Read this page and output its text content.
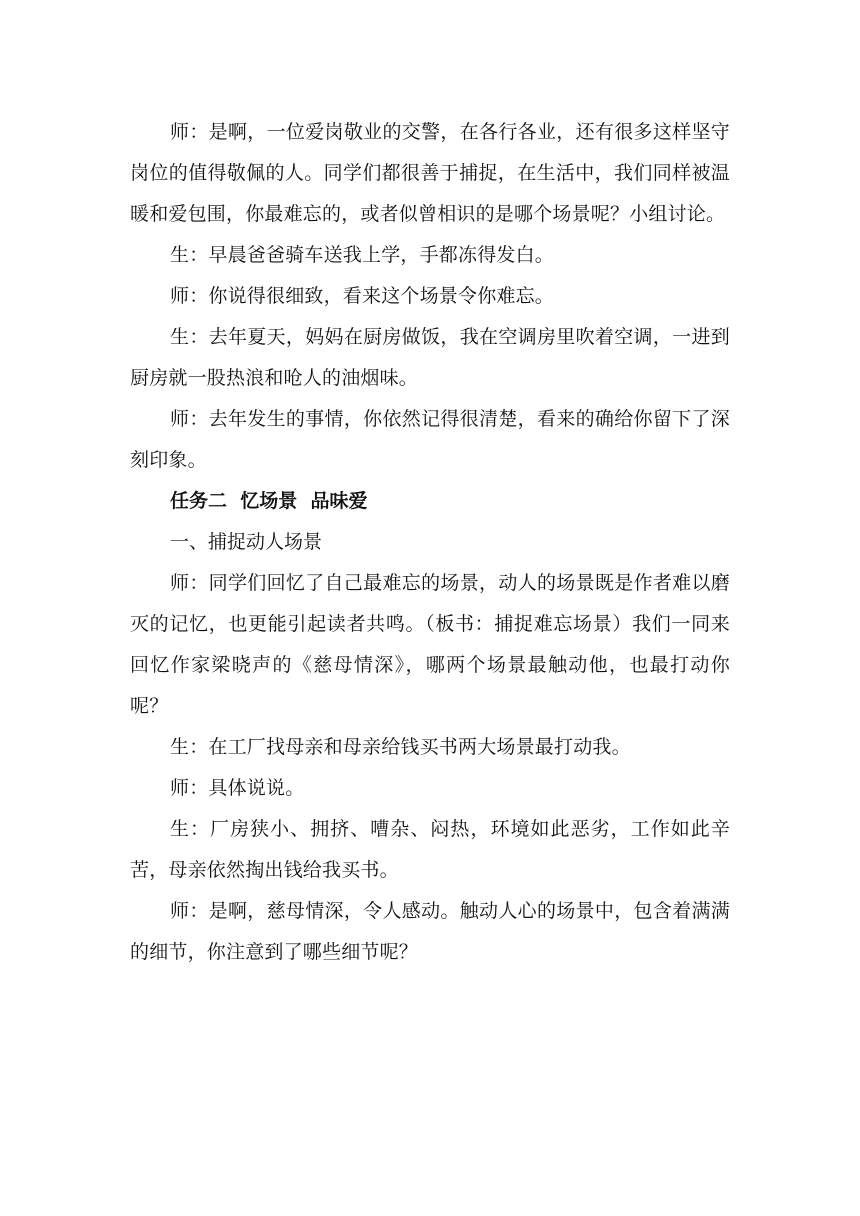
师：是啊，一位爱岗敬业的交警，在各行各业，还有很多这样坚守岗位的值得敬佩的人。同学们都很善于捕捉，在生活中，我们同样被温暖和爱包围，你最难忘的，或者似曾相识的是哪个场景呢？小组讨论。

生：早晨爸爸骑车送我上学，手都冻得发白。

师：你说得很细致，看来这个场景令你难忘。

生：去年夏天，妈妈在厨房做饭，我在空调房里吹着空调，一进到厨房就一股热浪和呛人的油烟味。

师：去年发生的事情，你依然记得很清楚，看来的确给你留下了深刻印象。

任务二  忆场景  品味爱

一、捕捉动人场景

师：同学们回忆了自己最难忘的场景，动人的场景既是作者难以磨灭的记忆，也更能引起读者共鸣。（板书：捕捉难忘场景）我们一同来回忆作家梁晓声的《慈母情深》，哪两个场景最触动他，也最打动你呢？

生：在工厂找母亲和母亲给钱买书两大场景最打动我。

师：具体说说。

生：厂房狭小、拥挤、嘈杂、闷热，环境如此恶劣，工作如此辛苦，母亲依然掏出钱给我买书。

师：是啊，慈母情深，令人感动。触动人心的场景中，包含着满满的细节，你注意到了哪些细节呢？
